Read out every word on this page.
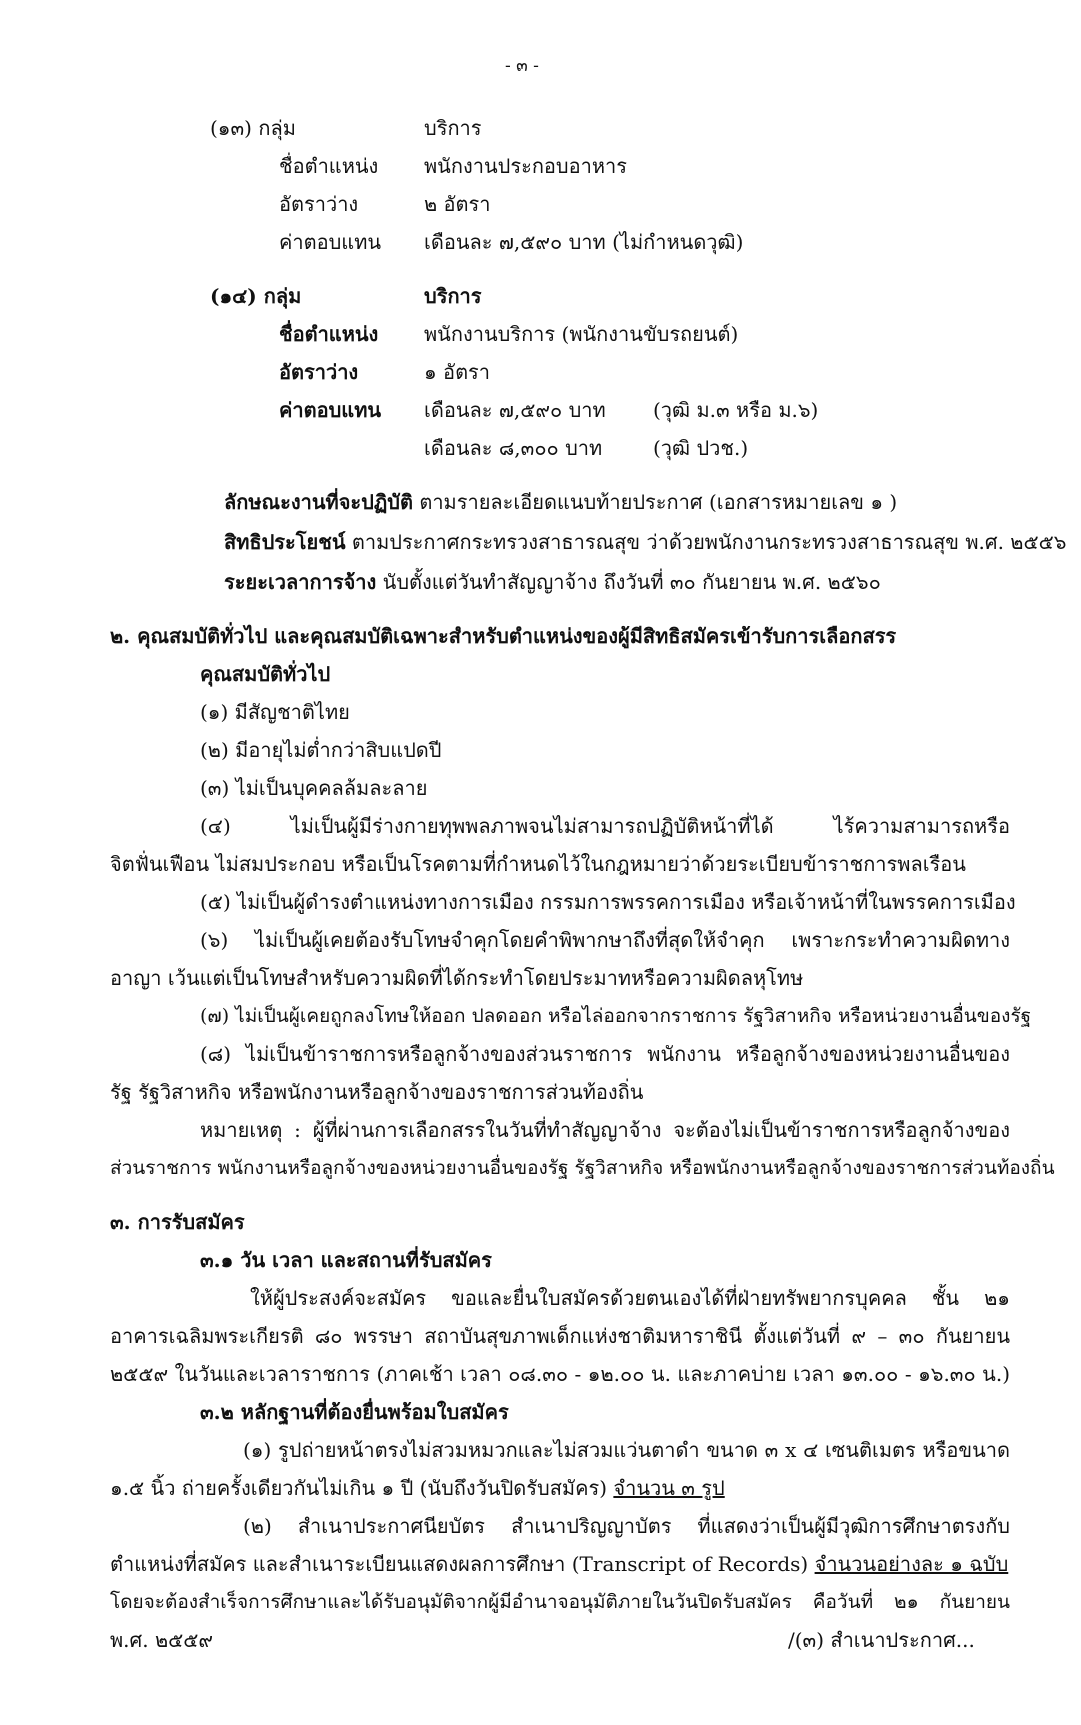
- ๓ -
(๑๓) กลุ่ม	บริการ
ชื่อตำแหน่ง พนักงานประกอบอาหาร
อัตราว่าง	๒ อัตรา
ค่าตอบแทน เดือนละ ๗,๕๙๐ บาท (ไม่กำหนดวุฒิ)
(๑๔) กลุ่ม	บริการ
ชื่อตำแหน่ง พนักงานบริการ (พนักงานขับรถยนต์)
อัตราว่าง	๑ อัตรา
ค่าตอบแทน เดือนละ ๗,๕๙๐ บาท (วุฒิ ม.๓ หรือ ม.๖)
เดือนละ ๘,๓๐๐ บาท	(วุฒิ ปวช.)
ลักษณะงานที่จะปฏิบัติ ตามรายละเอียดแนบท้ายประกาศ (เอกสารหมายเลข ๑ )
สิทธิประโยชน์ ตามประกาศกระทรวงสาธารณสุข ว่าด้วยพนักงานกระทรวงสาธารณสุข พ.ศ. ๒๕๕๖
ระยะเวลาการจ้าง นับตั้งแต่วันทำสัญญาจ้าง ถึงวันที่ ๓๐ กันยายน พ.ศ. ๒๕๖๐
๒. คุณสมบัติทั่วไป และคุณสมบัติเฉพาะสำหรับตำแหน่งของผู้มีสิทธิสมัครเข้ารับการเลือกสรร
คุณสมบัติทั่วไป
(๑) มีสัญชาติไทย
(๒) มีอายุไม่ต่ำกว่าสิบแปดปี
(๓) ไม่เป็นบุคคลล้มละลาย
(๔) ไม่เป็นผู้มีร่างกายทุพพลภาพจนไม่สามารถปฏิบัติหน้าที่ได้ ไร้ความสามารถหรือ
จิตฟั่นเฟือน ไม่สมประกอบ หรือเป็นโรคตามที่กำหนดไว้ในกฎหมายว่าด้วยระเบียบข้าราชการพลเรือน
(๕) ไม่เป็นผู้ดำรงตำแหน่งทางการเมือง กรรมการพรรคการเมือง หรือเจ้าหน้าที่ในพรรคการเมือง
(๖) ไม่เป็นผู้เคยต้องรับโทษจำคุกโดยคำพิพากษาถึงที่สุดให้จำคุก เพราะกระทำความผิดทาง
อาญา เว้นแต่เป็นโทษสำหรับความผิดที่ได้กระทำโดยประมาทหรือความผิดลหุโทษ
(๗) ไม่เป็นผู้เคยถูกลงโทษให้ออก ปลดออก หรือไล่ออกจากราชการ รัฐวิสาหกิจ หรือหน่วยงานอื่นของรัฐ
(๘) ไม่เป็นข้าราชการหรือลูกจ้างของส่วนราชการ พนักงาน หรือลูกจ้างของหน่วยงานอื่นของ
รัฐ รัฐวิสาหกิจ หรือพนักงานหรือลูกจ้างของราชการส่วนท้องถิ่น
หมายเหตุ : ผู้ที่ผ่านการเลือกสรรในวันที่ทำสัญญาจ้าง จะต้องไม่เป็นข้าราชการหรือลูกจ้างของ
ส่วนราชการ พนักงานหรือลูกจ้างของหน่วยงานอื่นของรัฐ รัฐวิสาหกิจ หรือพนักงานหรือลูกจ้างของราชการส่วนท้องถิ่น
๓. การรับสมัคร
๓.๑ วัน เวลา และสถานที่รับสมัคร
ให้ผู้ประสงค์จะสมัคร ขอและยื่นใบสมัครด้วยตนเองได้ที่ฝ่ายทรัพยากรบุคคล ชั้น ๒๑
อาคารเฉลิมพระเกียรติ ๘๐ พรรษา สถาบันสุขภาพเด็กแห่งชาติมหาราชินี ตั้งแต่วันที่ ๙ – ๓๐ กันยายน
๒๕๕๙ ในวันและเวลาราชการ (ภาคเช้า เวลา ๐๘.๓๐ - ๑๒.๐๐ น. และภาคบ่าย เวลา ๑๓.๐๐ - ๑๖.๓๐ น.)
๓.๒ หลักฐานที่ต้องยื่นพร้อมใบสมัคร
(๑) รูปถ่ายหน้าตรงไม่สวมหมวกและไม่สวมแว่นตาดำ ขนาด ๓ x ๔ เซนติเมตร หรือขนาด
๑.๕ นิ้ว ถ่ายครั้งเดียวกันไม่เกิน ๑ ปี (นับถึงวันปิดรับสมัคร) จำนวน ๓ รูป
(๒) สำเนาประกาศนียบัตร สำเนาปริญญาบัตร ที่แสดงว่าเป็นผู้มีวุฒิการศึกษาตรงกับ
ตำแหน่งที่สมัคร และสำเนาระเบียนแสดงผลการศึกษา (Transcript of Records) จำนวนอย่างละ ๑ ฉบับ
โดยจะต้องสำเร็จการศึกษาและได้รับอนุมัติจากผู้มีอำนาจอนุมัติภายในวันปิดรับสมัคร คือวันที่ ๒๑ กันยายน
พ.ศ. ๒๕๕๙	/(๓) สำเนาประกาศ...
